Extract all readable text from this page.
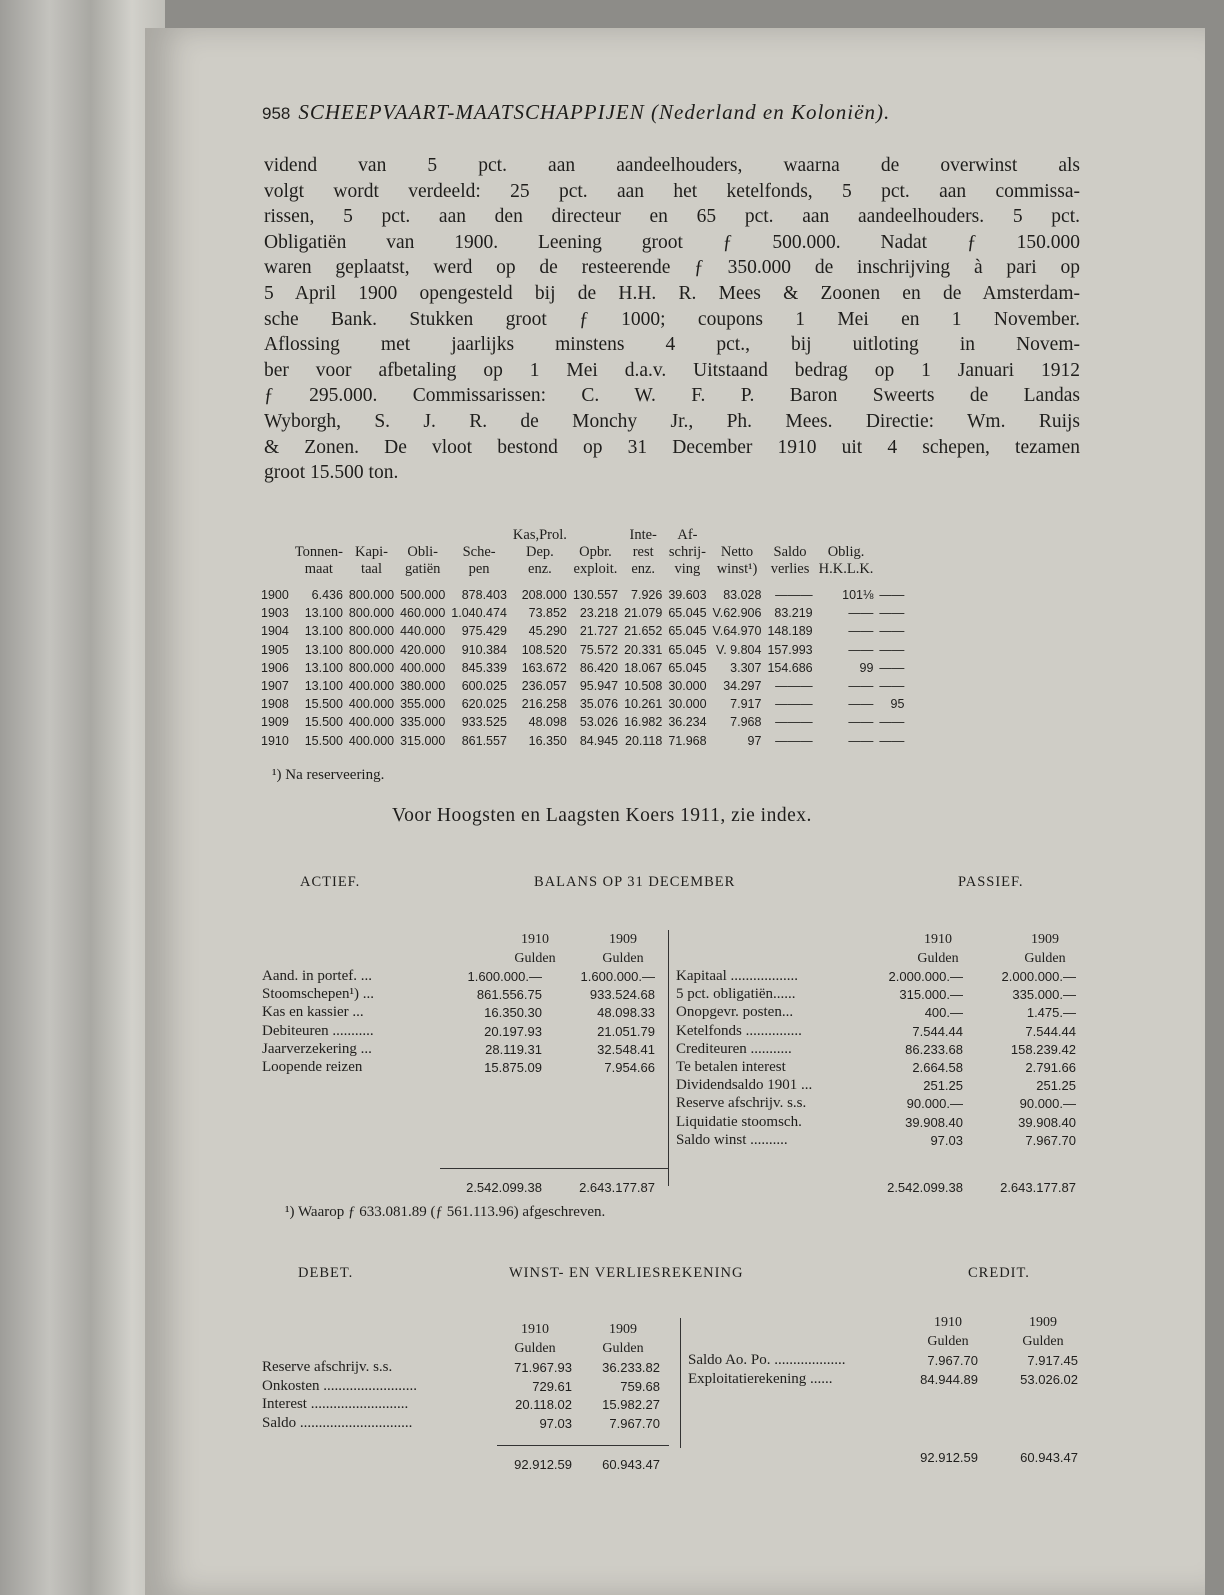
958 SCHEEPVAART-MAATSCHAPPIJEN (Nederland en Koloniën).
vidend van 5 pct. aan aandeelhouders, waarna de overwinst als
volgt wordt verdeeld: 25 pct. aan het ketelfonds, 5 pct. aan commissa-
rissen, 5 pct. aan den directeur en 65 pct. aan aandeelhouders. 5 pct.
Obligatiën van 1900. Leening groot ƒ 500.000. Nadat ƒ 150.000
waren geplaatst, werd op de resteerende ƒ 350.000 de inschrijving à pari op
5 April 1900 opengesteld bij de H.H. R. Mees & Zoonen en de Amsterdam-
sche Bank. Stukken groot ƒ 1000; coupons 1 Mei en 1 November.
Aflossing met jaarlijks minstens 4 pct., bij uitloting in Novem-
ber voor afbetaling op 1 Mei d.a.v. Uitstaand bedrag op 1 Januari 1912
ƒ 295.000. Commissarissen: C. W. F. P. Baron Sweerts de Landas
Wyborgh, S. J. R. de Monchy Jr., Ph. Mees. Directie: Wm. Ruijs
& Zonen. De vloot bestond op 31 December 1910 uit 4 schepen, tezamen
groot 15.500 ton.
					Kas,Prol.		Inte-	Af-				
	Tonnen-	Kapi-	Obli-	Sche-	Dep.	Opbr.	rest	schrij-	Netto	Saldo	Oblig.	
	maat	taal	gatiën	pen	enz.	exploit.	enz.	ving	winst¹)	verlies	H.K.L.K.	

1900	6.436	800.000	500.000	878.403	208.000	130.557	7.926	39.603	83.028	———	101⅛	——
1903	13.100	800.000	460.000	1.040.474	73.852	23.218	21.079	65.045	V.62.906	83.219	——	——
1904	13.100	800.000	440.000	975.429	45.290	21.727	21.652	65.045	V.64.970	148.189	——	——
1905	13.100	800.000	420.000	910.384	108.520	75.572	20.331	65.045	V. 9.804	157.993	——	——
1906	13.100	800.000	400.000	845.339	163.672	86.420	18.067	65.045	3.307	154.686	99	——
1907	13.100	400.000	380.000	600.025	236.057	95.947	10.508	30.000	34.297	———	——	——
1908	15.500	400.000	355.000	620.025	216.258	35.076	10.261	30.000	7.917	———	——	95
1909	15.500	400.000	335.000	933.525	48.098	53.026	16.982	36.234	7.968	———	——	——
1910	15.500	400.000	315.000	861.557	16.350	84.945	20.118	71.968	97	———	——	——
¹) Na reserveering.
Voor Hoogsten en Laagsten Koers 1911, zie index.
ACTIEF.	BALANS OP 31 DECEMBER	PASSIEF.
1910
Gulden
1909
Gulden
1910
Gulden
1909
Gulden
Aand. in portef. ...	1.600.000.—	1.600.000.—
Stoomschepen¹) ...	861.556.75	933.524.68
Kas en kassier ...	16.350.30	48.098.33
Debiteuren ...........	20.197.93	21.051.79
Jaarverzekering ...	28.119.31	32.548.41
Loopende reizen	15.875.09	7.954.66
Kapitaal ..................	2.000.000.—	2.000.000.—
5 pct. obligatiën......	315.000.—	335.000.—
Onopgevr. posten...	400.—	1.475.—
Ketelfonds ...............	7.544.44	7.544.44
Crediteuren ...........	86.233.68	158.239.42
Te betalen interest	2.664.58	2.791.66
Dividendsaldo 1901 ...	251.25	251.25
Reserve afschrijv. s.s.	90.000.—	90.000.—
Liquidatie stoomsch.	39.908.40	39.908.40
Saldo winst ..........	97.03	7.967.70
2.542.099.38	2.643.177.87	2.542.099.38	2.643.177.87
¹) Waarop ƒ 633.081.89 (ƒ 561.113.96) afgeschreven.
DEBET.	WINST- EN VERLIESREKENING	CREDIT.
1910
Gulden
1909
Gulden
1910
Gulden
1909
Gulden
Reserve afschrijv. s.s.	71.967.93	36.233.82
Onkosten .........................	729.61	759.68
Interest ..........................	20.118.02	15.982.27
Saldo ..............................	97.03	7.967.70
Saldo Ao. Po. ...................	7.967.70	7.917.45
Exploitatierekening ......	84.944.89	53.026.02
92.912.59	60.943.47	92.912.59	60.943.47
